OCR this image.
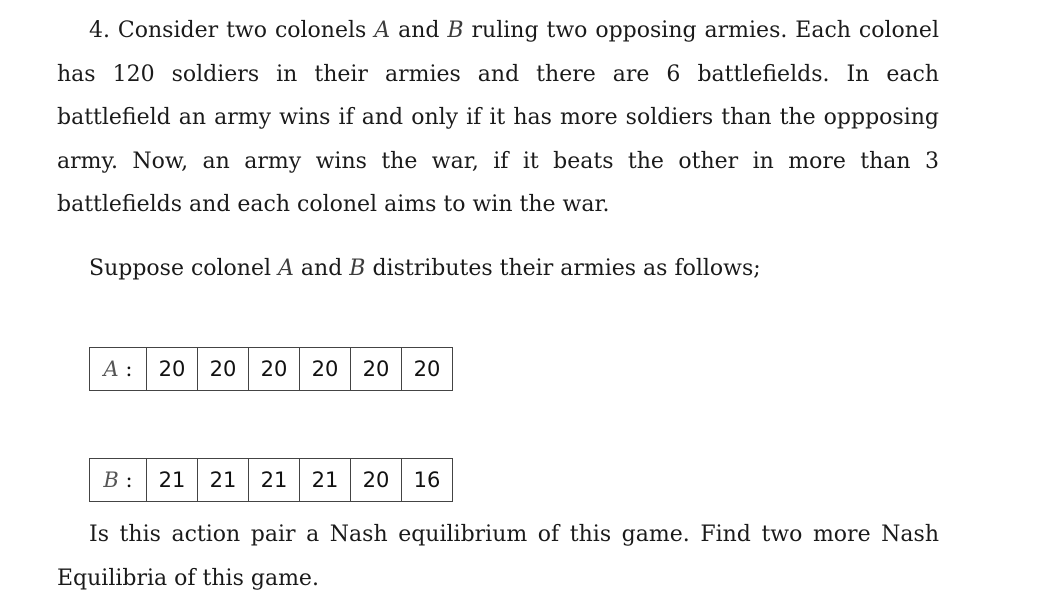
4. Consider two colonels A and B ruling two opposing armies. Each colonel has 120 soldiers in their armies and there are 6 battlefields. In each battlefield an army wins if and only if it has more soldiers than the oppposing army. Now, an army wins the war, if it beats the other in more than 3 battlefields and each colonel aims to win the war.

Suppose colonel A and B distributes their armies as follows;

A :	20	20	20	20	20	20
B :	21	21	21	21	20	16

Is this action pair a Nash equilibrium of this game. Find two more Nash Equilibria of this game.
